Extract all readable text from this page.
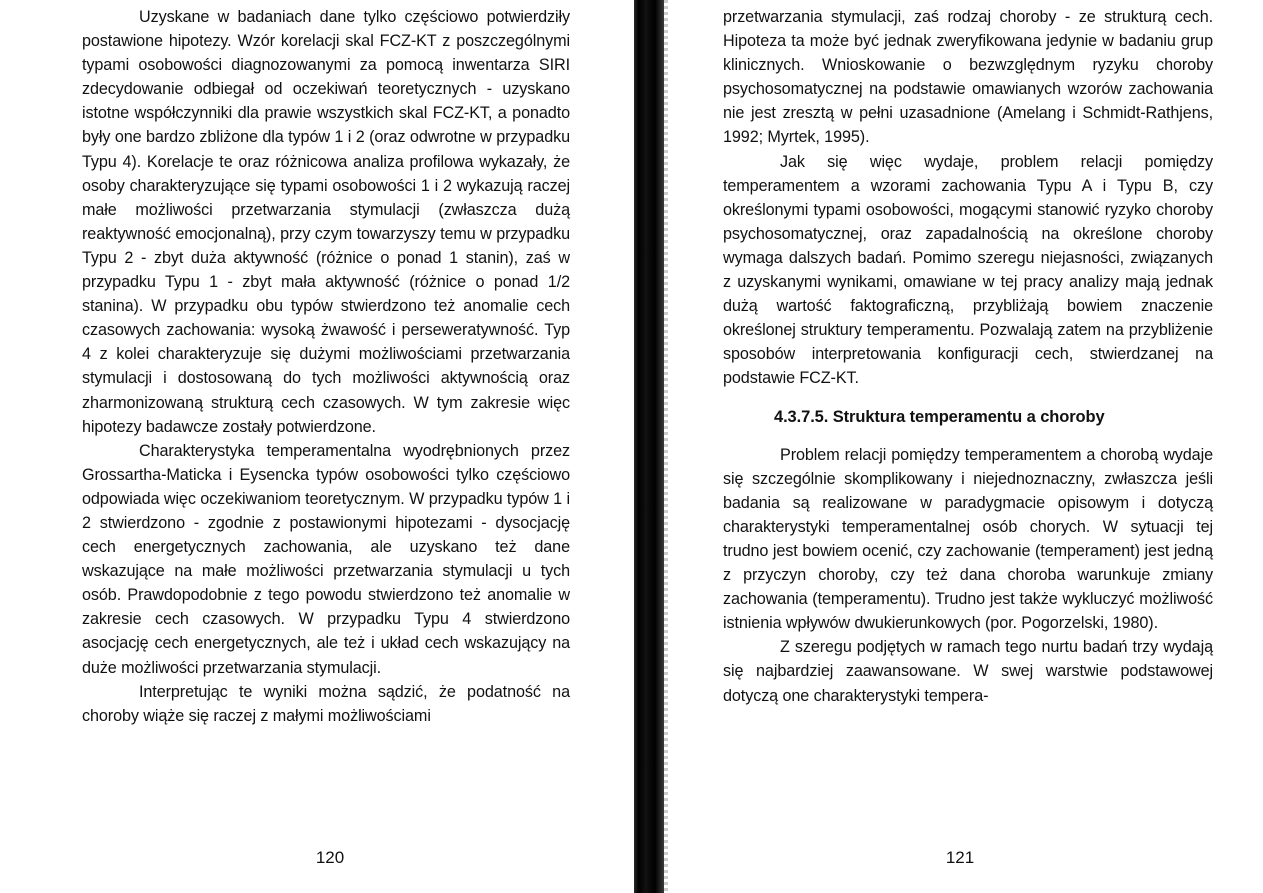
Uzyskane w badaniach dane tylko częściowo potwierdziły postawione hipotezy. Wzór korelacji skal FCZ-KT z poszczególnymi typami osobowości diagnozowanymi za pomocą inwentarza SIRI zdecydowanie odbiegał od oczekiwań teoretycznych - uzyskano istotne współczynniki dla prawie wszystkich skal FCZ-KT, a ponadto były one bardzo zbliżone dla typów 1 i 2 (oraz odwrotne w przypadku Typu 4). Korelacje te oraz różnicowa analiza profilowa wykazały, że osoby charakteryzujące się typami osobowości 1 i 2 wykazują raczej małe możliwości przetwarzania stymulacji (zwłaszcza dużą reaktywność emocjonalną), przy czym towarzyszy temu w przypadku Typu 2 - zbyt duża aktywność (różnice o ponad 1 stanin), zaś w przypadku Typu 1 - zbyt mała aktywność (różnice o ponad 1/2 stanina). W przypadku obu typów stwierdzono też anomalie cech czasowych zachowania: wysoką żwawość i perseweratywność. Typ 4 z kolei charakteryzuje się dużymi możliwościami przetwarzania stymulacji i dostosowaną do tych możliwości aktywnością oraz zharmonizowaną strukturą cech czasowych. W tym zakresie więc hipotezy badawcze zostały potwierdzone.

Charakterystyka temperamentalna wyodrębnionych przez Grossartha-Maticka i Eysencka typów osobowości tylko częściowo odpowiada więc oczekiwaniom teoretycznym. W przypadku typów 1 i 2 stwierdzono - zgodnie z postawionymi hipotezami - dysocjację cech energetycznych zachowania, ale uzyskano też dane wskazujące na małe możliwości przetwarzania stymulacji u tych osób. Prawdopodobnie z tego powodu stwierdzono też anomalie w zakresie cech czasowych. W przypadku Typu 4 stwierdzono asocjację cech energetycznych, ale też i układ cech wskazujący na duże możliwości przetwarzania stymulacji.

Interpretując te wyniki można sądzić, że podatność na choroby wiąże się raczej z małymi możliwościami

120

przetwarzania stymulacji, zaś rodzaj choroby - ze strukturą cech. Hipoteza ta może być jednak zweryfikowana jedynie w badaniu grup klinicznych. Wnioskowanie o bezwzględnym ryzyku choroby psychosomatycznej na podstawie omawianych wzorów zachowania nie jest zresztą w pełni uzasadnione (Amelang i Schmidt-Rathjens, 1992; Myrtek, 1995).

Jak się więc wydaje, problem relacji pomiędzy temperamentem a wzorami zachowania Typu A i Typu B, czy określonymi typami osobowości, mogącymi stanowić ryzyko choroby psychosomatycznej, oraz zapadalnością na określone choroby wymaga dalszych badań. Pomimo szeregu niejasności, związanych z uzyskanymi wynikami, omawiane w tej pracy analizy mają jednak dużą wartość faktograficzną, przybliżają bowiem znaczenie określonej struktury temperamentu. Pozwalają zatem na przybliżenie sposobów interpretowania konfiguracji cech, stwierdzanej na podstawie FCZ-KT.

4.3.7.5. Struktura temperamentu a choroby

Problem relacji pomiędzy temperamentem a chorobą wydaje się szczególnie skomplikowany i niejednoznaczny, zwłaszcza jeśli badania są realizowane w paradygmacie opisowym i dotyczą charakterystyki temperamentalnej osób chorych. W sytuacji tej trudno jest bowiem ocenić, czy zachowanie (temperament) jest jedną z przyczyn choroby, czy też dana choroba warunkuje zmiany zachowania (temperamentu). Trudno jest także wykluczyć możliwość istnienia wpływów dwukierunkowych (por. Pogorzelski, 1980).

Z szeregu podjętych w ramach tego nurtu badań trzy wydają się najbardziej zaawansowane. W swej warstwie podstawowej dotyczą one charakterystyki tempera-

121
